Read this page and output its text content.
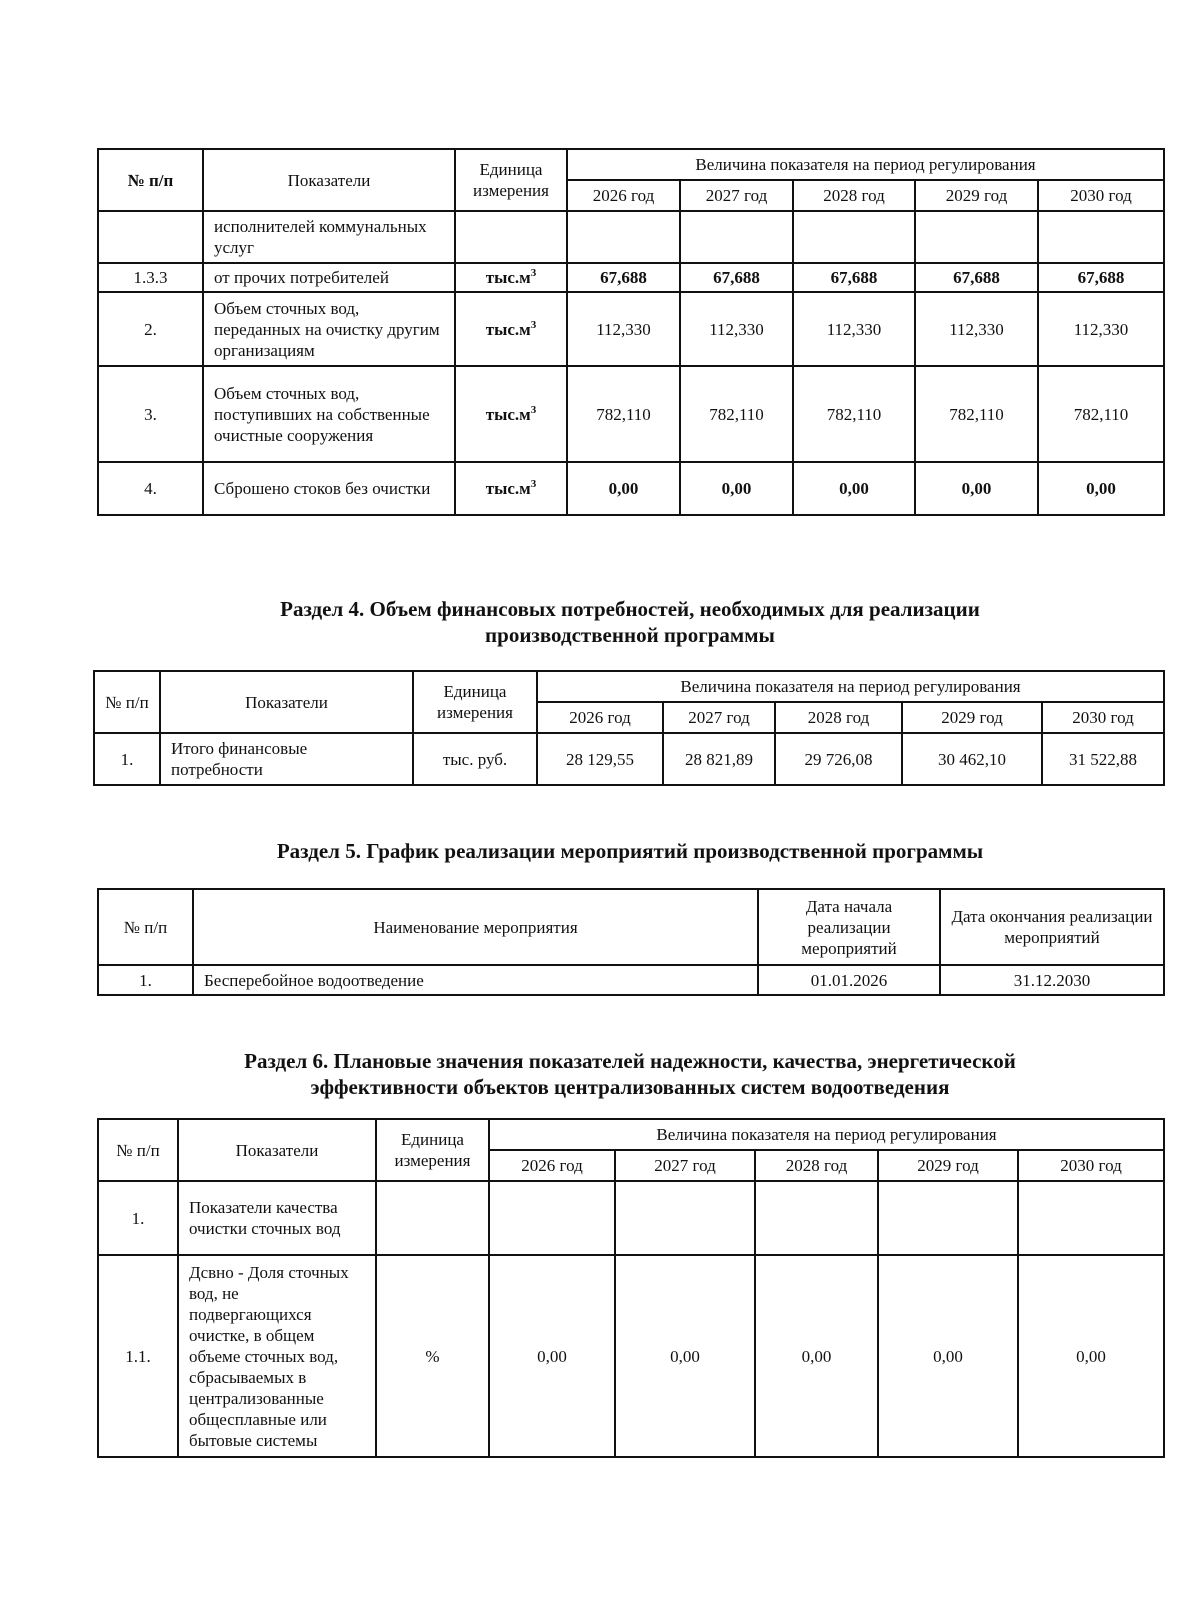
№ п/п	Показатели	Единица измерения	Величина показателя на период регулирования				
			2026 год	2027 год	2028 год	2029 год	2030 год
	исполнителей коммунальных услуг						
1.3.3	от прочих потребителей	$тыс.м^3$	67,688	67,688	67,688	67,688	67,688
2.	Объем сточных вод, переданных на очистку другим организациям	$тыс.м^3$	112,330	112,330	112,330	112,330	112,330
3.	Объем сточных вод, поступивших на собственные очистные сооружения	$тыс.м^3$	782,110	782,110	782,110	782,110	782,110
4.	Сброшено стоков без очистки	$тыс.м^3$	0,00	0,00	0,00	0,00	0,00
Раздел 4. Объем финансовых потребностей, необходимых для реализации
производственной программы
№ п/п	Показатели	Единица измерения	Величина показателя на период регулирования				
			2026 год	2027 год	2028 год	2029 год	2030 год
1.	Итого финансовые потребности	тыс. руб.	28 129,55	28 821,89	29 726,08	30 462,10	31 522,88
Раздел 5. График реализации мероприятий производственной программы
№ п/п	Наименование мероприятия	Дата начала реализации мероприятий	Дата окончания реализации мероприятий
1.	Бесперебойное водоотведение	01.01.2026	31.12.2030
Раздел 6. Плановые значения показателей надежности, качества, энергетической
эффективности объектов централизованных систем водоотведения
№ п/п	Показатели	Единица измерения	Величина показателя на период регулирования				
			2026 год	2027 год	2028 год	2029 год	2030 год
1.	Показатели качества очистки сточных вод						
1.1.	Дсвно - Доля сточных вод, не подвергающихся очистке, в общем объеме сточных вод, сбрасываемых в централизованные общесплавные или бытовые системы	%	0,00	0,00	0,00	0,00	0,00
